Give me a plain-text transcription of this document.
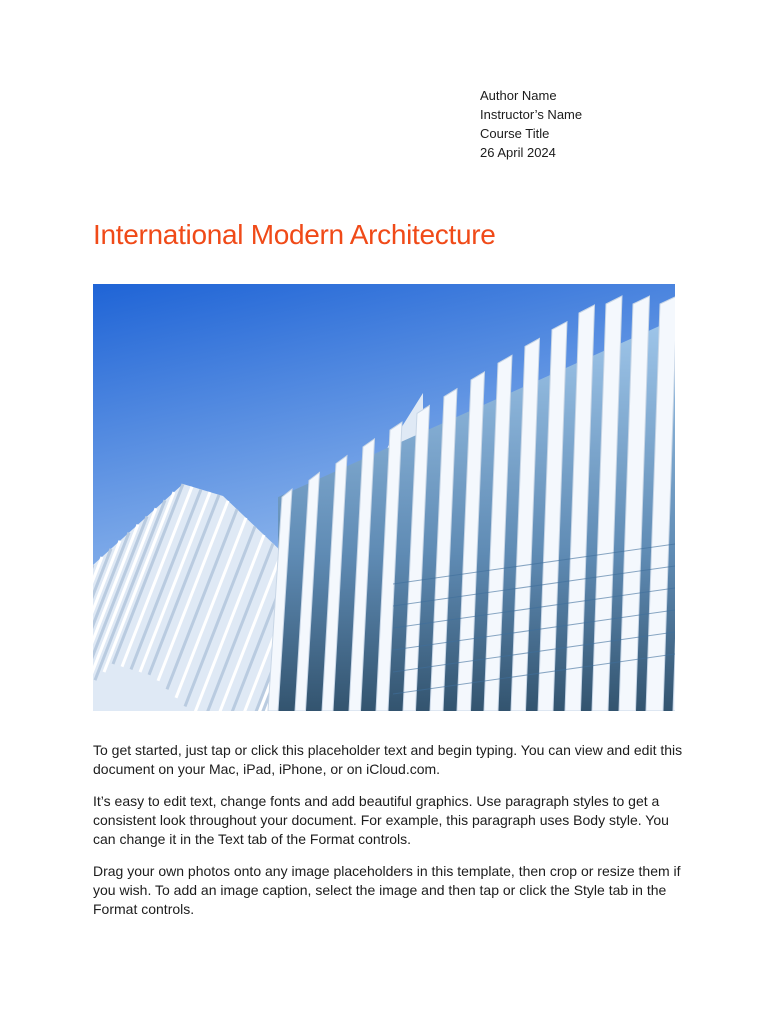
Author Name
Instructor’s Name
Course Title
26 April 2024
International Modern Architecture

To get started, just tap or click this placeholder text and begin typing. You can view and edit this document on your Mac, iPad, iPhone, or on iCloud.com.

It’s easy to edit text, change fonts and add beautiful graphics. Use paragraph styles to get a consistent look throughout your document. For example, this paragraph uses Body style. You can change it in the Text tab of the Format controls.

Drag your own photos onto any image placeholders in this template, then crop or resize them if you wish. To add an image caption, select the image and then tap or click the Style tab in the Format controls.
